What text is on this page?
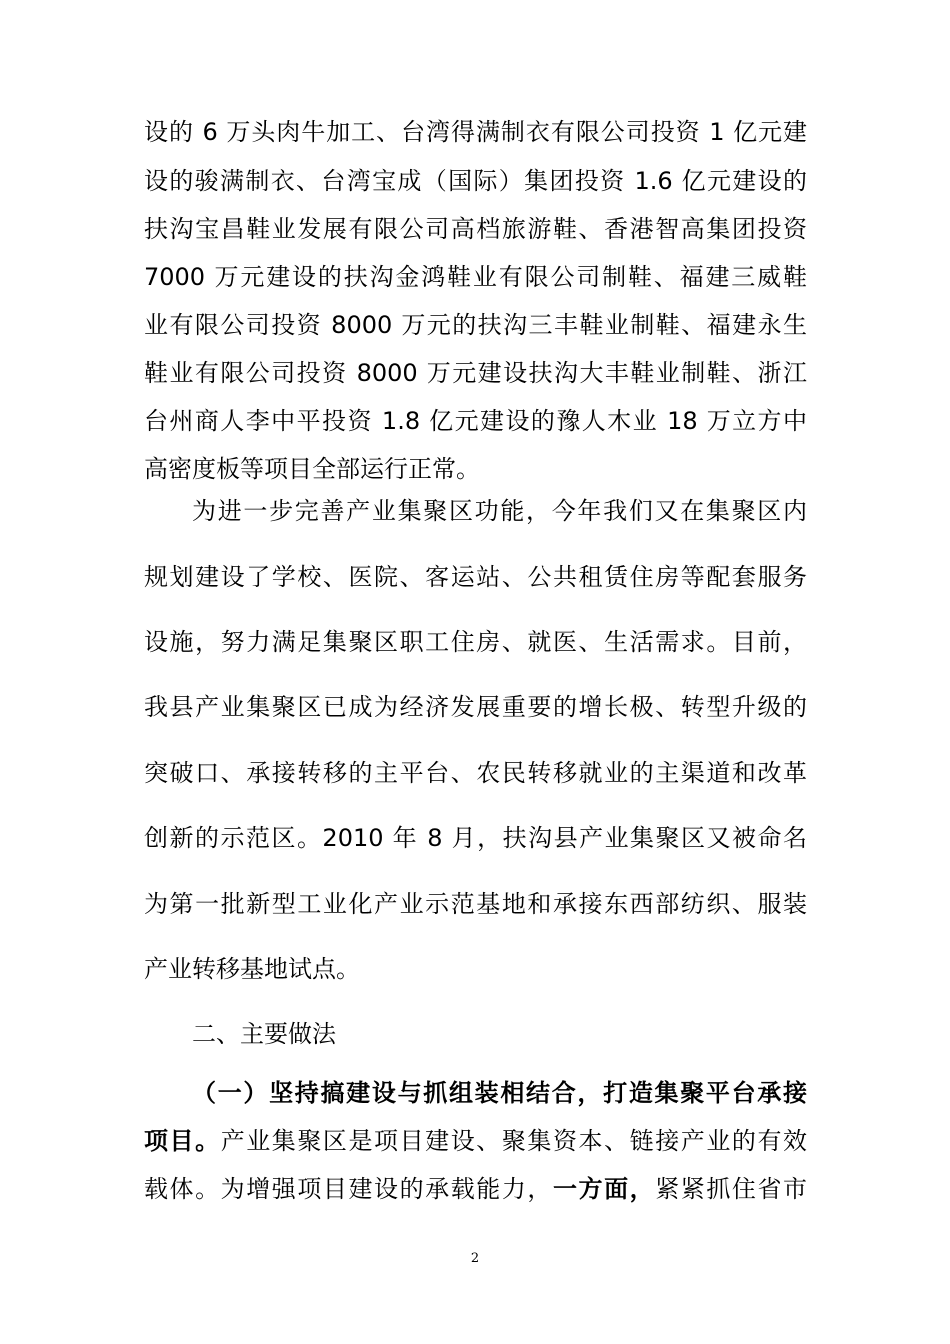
设的 6 万头肉牛加工、台湾得满制衣有限公司投资 1 亿元建
设的骏满制衣、台湾宝成（国际）集团投资 1.6 亿元建设的
扶沟宝昌鞋业发展有限公司高档旅游鞋、香港智高集团投资
7000 万元建设的扶沟金鸿鞋业有限公司制鞋、福建三威鞋
业有限公司投资 8000 万元的扶沟三丰鞋业制鞋、福建永生
鞋业有限公司投资 8000 万元建设扶沟大丰鞋业制鞋、浙江
台州商人李中平投资 1.8 亿元建设的豫人木业 18 万立方中
高密度板等项目全部运行正常。
为进一步完善产业集聚区功能，今年我们又在集聚区内
规划建设了学校、医院、客运站、公共租赁住房等配套服务
设施，努力满足集聚区职工住房、就医、生活需求。目前，
我县产业集聚区已成为经济发展重要的增长极、转型升级的
突破口、承接转移的主平台、农民转移就业的主渠道和改革
创新的示范区。2010 年 8 月，扶沟县产业集聚区又被命名
为第一批新型工业化产业示范基地和承接东西部纺织、服装
产业转移基地试点。
二、主要做法
（一）坚持搞建设与抓组装相结合，打造集聚平台承接
项目。产业集聚区是项目建设、聚集资本、链接产业的有效
载体。为增强项目建设的承载能力，一方面，紧紧抓住省市
2
